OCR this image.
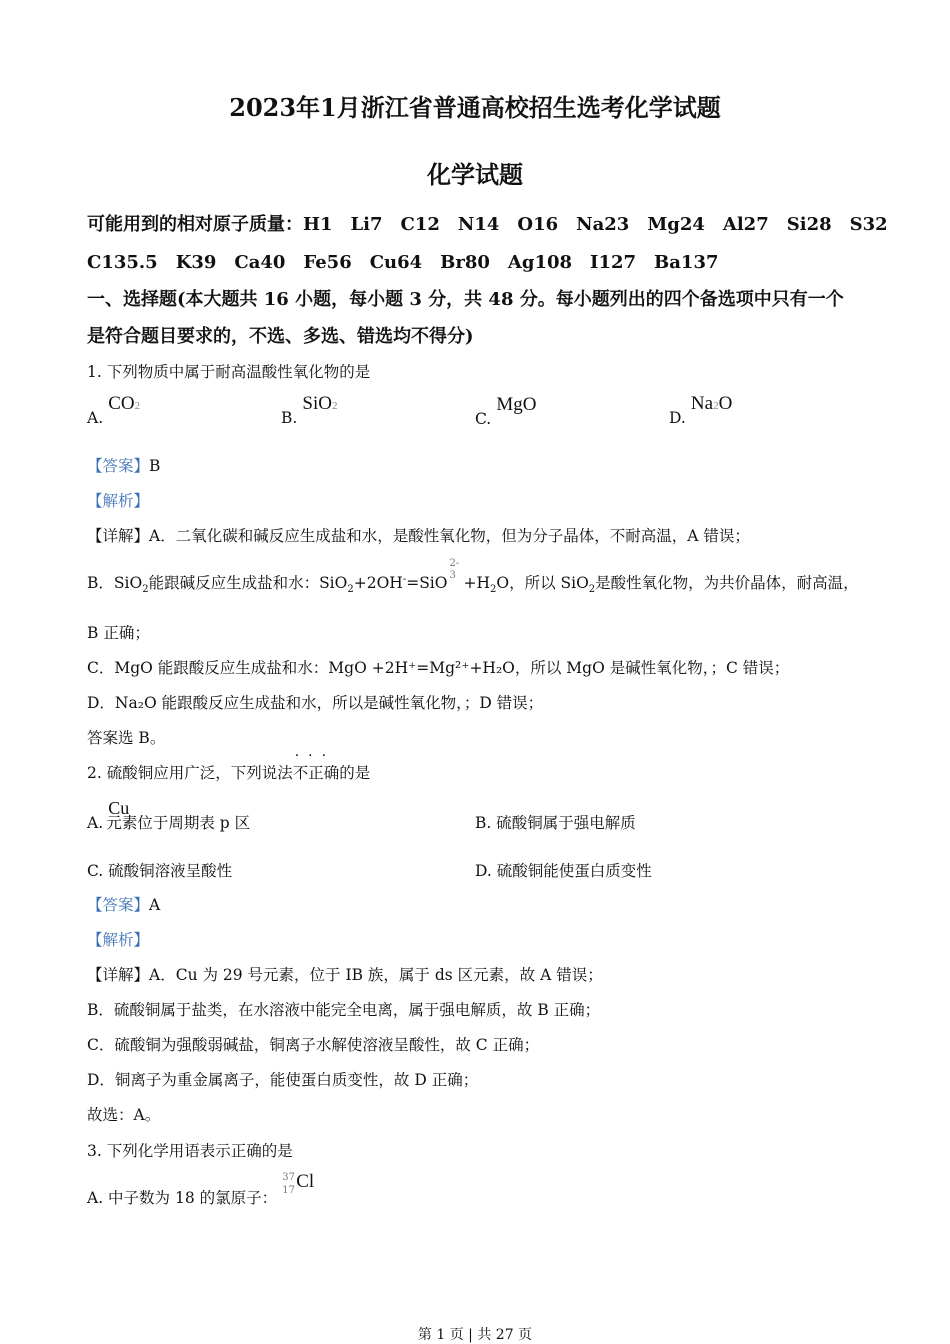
2023年1月浙江省普通高校招生选考化学试题
化学试题
可能用到的相对原子质量：H1　Li7　C12　N14　O16　Na23　Mg24　Al27　Si28　S32
C135.5　K39　Ca40　Fe56　Cu64　Br80　Ag108　I127　Ba137
一、选择题(本大题共 16 小题，每小题 3 分，共 48 分。每小题列出的四个备选项中只有一个
是符合题目要求的，不选、多选、错选均不得分)
1. 下列物质中属于耐高温酸性氧化物的是
A. CO2
B. SiO2
C. MgO
D. Na2O
【答案】B
【解析】
【详解】A．二氧化碳和碱反应生成盐和水，是酸性氧化物，但为分子晶体，不耐高温，A 错误；
B．SiO$_2$能跟碱反应生成盐和水：SiO$_2$+2OH-=SiO
2-
$3 +H_2O$，所以 SiO$_2$是酸性氧化物，为共价晶体，耐高温，
B 正确；
C．MgO 能跟酸反应生成盐和水：MgO +2H⁺=Mg²⁺+H₂O，所以 MgO 是碱性氧化物，；C 错误；
D．Na₂O 能跟酸反应生成盐和水，所以是碱性氧化物，；D 错误；
答案选 B。
2. 硫酸铜应用广泛，下列说法
···
不正确的是
A. Cu 元素位于周期表 p 区	B. 硫酸铜属于强电解质
C. 硫酸铜溶液呈酸性	D. 硫酸铜能使蛋白质变性
【答案】A
【解析】
【详解】A．Cu 为 29 号元素，位于 IB 族，属于 ds 区元素，故 A 错误；
B．硫酸铜属于盐类，在水溶液中能完全电离，属于强电解质，故 B 正确；
C．硫酸铜为强酸弱碱盐，铜离子水解使溶液呈酸性，故 C 正确；
D．铜离子为重金属离子，能使蛋白质变性，故 D 正确；
故选：A。
3. 下列化学用语表示正确的是
A. 中子数为 18 的氯原子：
37
17 Cl
第 1 页 | 共 27 页
